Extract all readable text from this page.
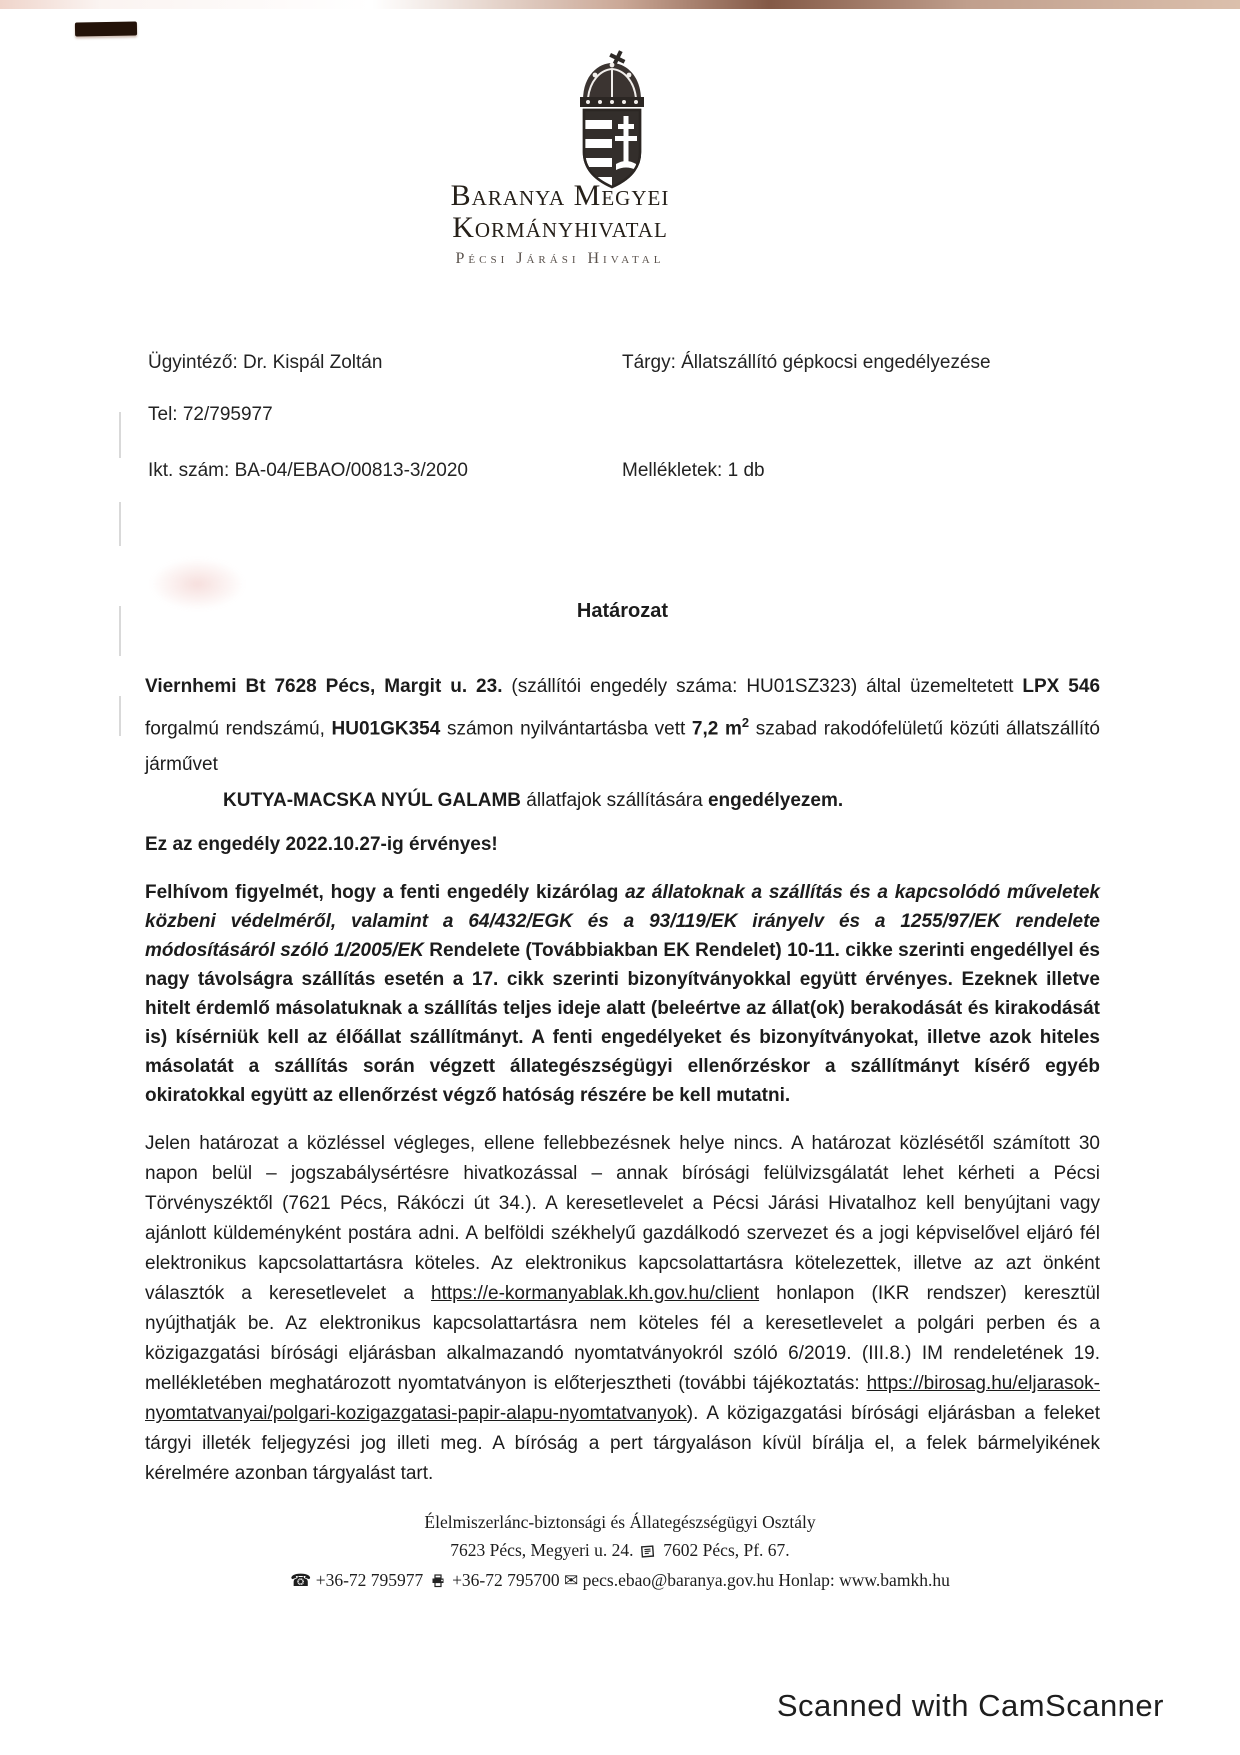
Baranya Megyei
Kormányhivatal
Pécsi Járási Hivatal
Ügyintéző: Dr. Kispál Zoltán
Tel: 72/795977
Ikt. szám: BA-04/EBAO/00813-3/2020
Tárgy: Állatszállító gépkocsi engedélyezése
Mellékletek: 1 db
Határozat

Viernhemi Bt 7628 Pécs, Margit u. 23. (szállítói engedély száma: HU01SZ323) által üzemeltetett LPX 546 forgalmú rendszámú, HU01GK354 számon nyilvántartásba vett 7,2 $m^2$ szabad rakodófelületű közúti állatszállító járművet

KUTYA-MACSKA NYÚL GALAMB állatfajok szállítására engedélyezem.

Ez az engedély 2022.10.27-ig érvényes!

Felhívom figyelmét, hogy a fenti engedély kizárólag az állatoknak a szállítás és a kapcsolódó műveletek közbeni védelméről, valamint a 64/432/EGK és a 93/119/EK irányelv és a 1255/97/EK rendelete módosításáról szóló 1/2005/EK Rendelete (Továbbiakban EK Rendelet) 10-11. cikke szerinti engedéllyel és nagy távolságra szállítás esetén a 17. cikk szerinti bizonyítványokkal együtt érvényes. Ezeknek illetve hitelt érdemlő másolatuknak a szállítás teljes ideje alatt (beleértve az állat(ok) berakodását és kirakodását is) kísérniük kell az élőállat szállítmányt. A fenti engedélyeket és bizonyítványokat, illetve azok hiteles másolatát a szállítás során végzett állategészségügyi ellenőrzéskor a szállítmányt kísérő egyéb okiratokkal együtt az ellenőrzést végző hatóság részére be kell mutatni.

Jelen határozat a közléssel végleges, ellene fellebbezésnek helye nincs. A határozat közlésétől számított 30 napon belül – jogszabálysértésre hivatkozással – annak bírósági felülvizsgálatát lehet kérheti a Pécsi Törvényszéktől (7621 Pécs, Rákóczi út 34.). A keresetlevelet a Pécsi Járási Hivatalhoz kell benyújtani vagy ajánlott küldeményként postára adni. A belföldi székhelyű gazdálkodó szervezet és a jogi képviselővel eljáró fél elektronikus kapcsolattartásra köteles. Az elektronikus kapcsolattartásra kötelezettek, illetve az azt önként választók a keresetlevelet a https://e-kormanyablak.kh.gov.hu/client honlapon (IKR rendszer) keresztül nyújthatják be. Az elektronikus kapcsolattartásra nem köteles fél a keresetlevelet a polgári perben és a közigazgatási bírósági eljárásban alkalmazandó nyomtatványokról szóló 6/2019. (III.8.) IM rendeletének 19. mellékletében meghatározott nyomtatványon is előterjesztheti (további tájékoztatás: https://birosag.hu/eljarasok-nyomtatvanyai/polgari-kozigazgatasi-papir-alapu-nyomtatvanyok). A közigazgatási bírósági eljárásban a feleket tárgyi illeték feljegyzési jog illeti meg. A bíróság a pert tárgyaláson kívül bírálja el, a felek bármelyikének kérelmére azonban tárgyalást tart.

Élelmiszerlánc-biztonsági és Állategészségügyi Osztály
7623 Pécs, Megyeri u. 24. 7602 Pécs, Pf. 67.
☎ +36-72 795977 +36-72 795700 ✉ pecs.ebao@baranya.gov.hu Honlap: www.bamkh.hu
Scanned with CamScanner
